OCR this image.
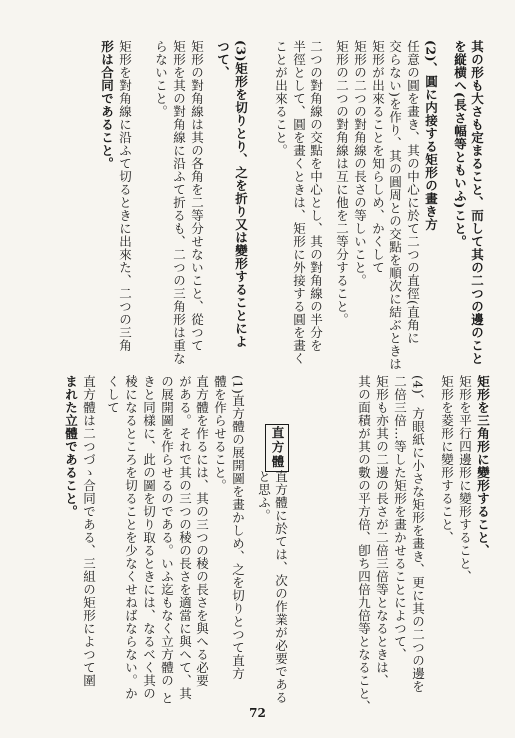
其の形も大さも定まること、而して其の二つの邊のこと
を縦横へ(長さ幅等ともいふ)こと。
(2)、圓に内接する矩形の畫き方
任意の圓を畫き、其の中心に於て二つの直徑(直角に
交らない)を作り、其の圓周との交點を順次に結ぶときは
矩形が出來ることを知らしめ、かくして
矩形の二つの對角線の長さの等しいこと。
矩形の二つの對角線は互に他を二等分すること。
二つの對角線の交點を中心とし、其の對角線の半分を
半徑として、圓を畫くときは、矩形に外接する圓を畫く
ことが出來ること。
(3)矩形を切りとり、之を折り又は變形することによ
つて、
矩形の對角線は其の各角を二等分せないこと、從つて
矩形を其の對角線に沿ふて折るも、二つの三角形は重な
らないこと。
矩形を對角線に沿ふて切るときに出來た、二つの三角
形は合同であること。
矩形を三角形に變形すること、
矩形を平行四邊形に變形すること、
矩形を菱形に變形すること、
(4)、方眼紙に小さな矩形を畫き、更に其の二つの邊を
二倍三倍…等した矩形を畫かせることによつて、
矩形も亦其の二邊の長さが二倍三倍等となるときは、
其の面積が其の數の平方倍、卽ち四倍九倍等となること、
直方體に於ては、次の作業が必要である
と思ふ。
(1)直方體の展開圖を畫かしめ、之を切りとつて直方
體を作らせること。
直方體を作るには、其の三つの稜の長さを與へる必要
がある。それで其の三つの稜の長さを適當に與へて、其
の展開圖を作らせるのである。いふ迄もなく立方體の と
きと同樣に、此の圖を切り取るときには、なるべく其の
稜になるところを切ることを少なくせねばならない。か
くして
直方體は二つづゝ合同である、三組の矩形によつて圍
まれた立體であること。	直方體
72
